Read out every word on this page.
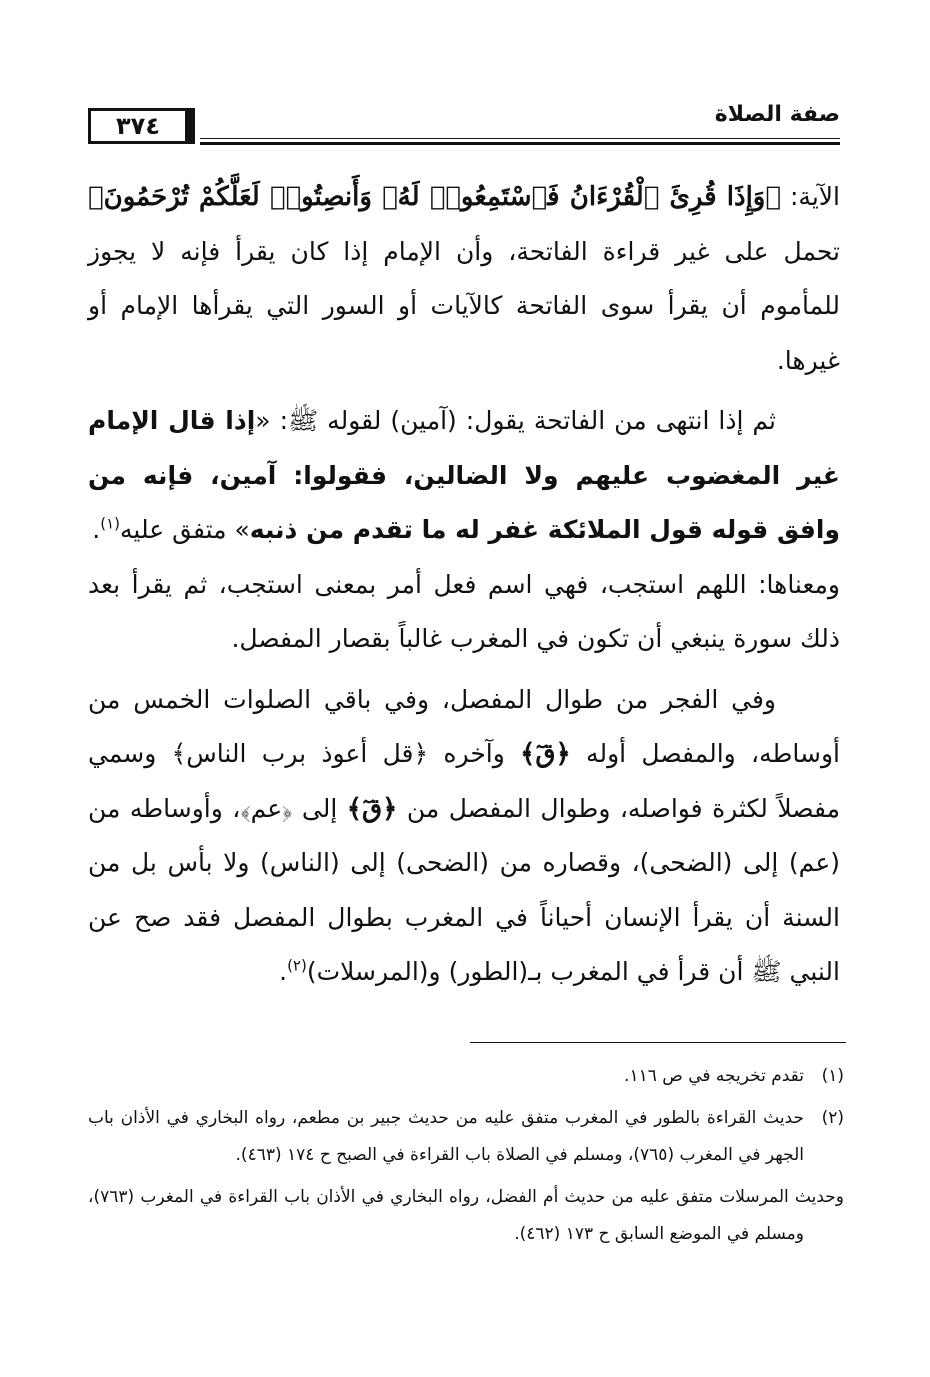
٣٧٤	صفة الصلاة

الآية: ﴿وَإِذَا قُرِئَ ٱلْقُرْءَانُ فَٱسْتَمِعُوا۟ لَهُۥ وَأَنصِتُوا۟ لَعَلَّكُمْ تُرْحَمُونَ﴾ تحمل على غير قراءة الفاتحة، وأن الإمام إذا كان يقرأ فإنه لا يجوز للمأموم أن يقرأ سوى الفاتحة كالآيات أو السور التي يقرأها الإمام أو غيرها.

ثم إذا انتهى من الفاتحة يقول: (آمين) لقوله ﷺ: «إذا قال الإمام غير المغضوب عليهم ولا الضالين، فقولوا: آمين، فإنه من وافق قوله قول الملائكة غفر له ما تقدم من ذنبه» متفق عليه$^{(١)}$.

ومعناها: اللهم استجب، فهي اسم فعل أمر بمعنى استجب، ثم يقرأ بعد ذلك سورة ينبغي أن تكون في المغرب غالباً بقصار المفصل.

وفي الفجر من طوال المفصل، وفي باقي الصلوات الخمس من أوساطه، والمفصل أوله ﴿قٓ﴾ وآخره ﴿قل أعوذ برب الناس﴾ وسمي مفصلاً لكثرة فواصله، وطوال المفصل من ﴿قٓ﴾ إلى ﴿عم﴾، وأوساطه من (عم) إلى (الضحى)، وقصاره من (الضحى) إلى (الناس) ولا بأس بل من السنة أن يقرأ الإنسان أحياناً في المغرب بطوال المفصل فقد صح عن النبي ﷺ أن قرأ في المغرب بـ(الطور) و(المرسلات)$^{(٢)}$.

(١)تقدم تخريجه في ص ١١٦.

(٢)حديث القراءة بالطور في المغرب متفق عليه من حديث جبير بن مطعم، رواه البخاري في الأذان باب الجهر في المغرب (٧٦٥)، ومسلم في الصلاة باب القراءة في الصبح ح ١٧٤ (٤٦٣).

وحديث المرسلات متفق عليه من حديث أم الفضل، رواه البخاري في الأذان باب القراءة في المغرب (٧٦٣)، ومسلم في الموضع السابق ح ١٧٣ (٤٦٢).
